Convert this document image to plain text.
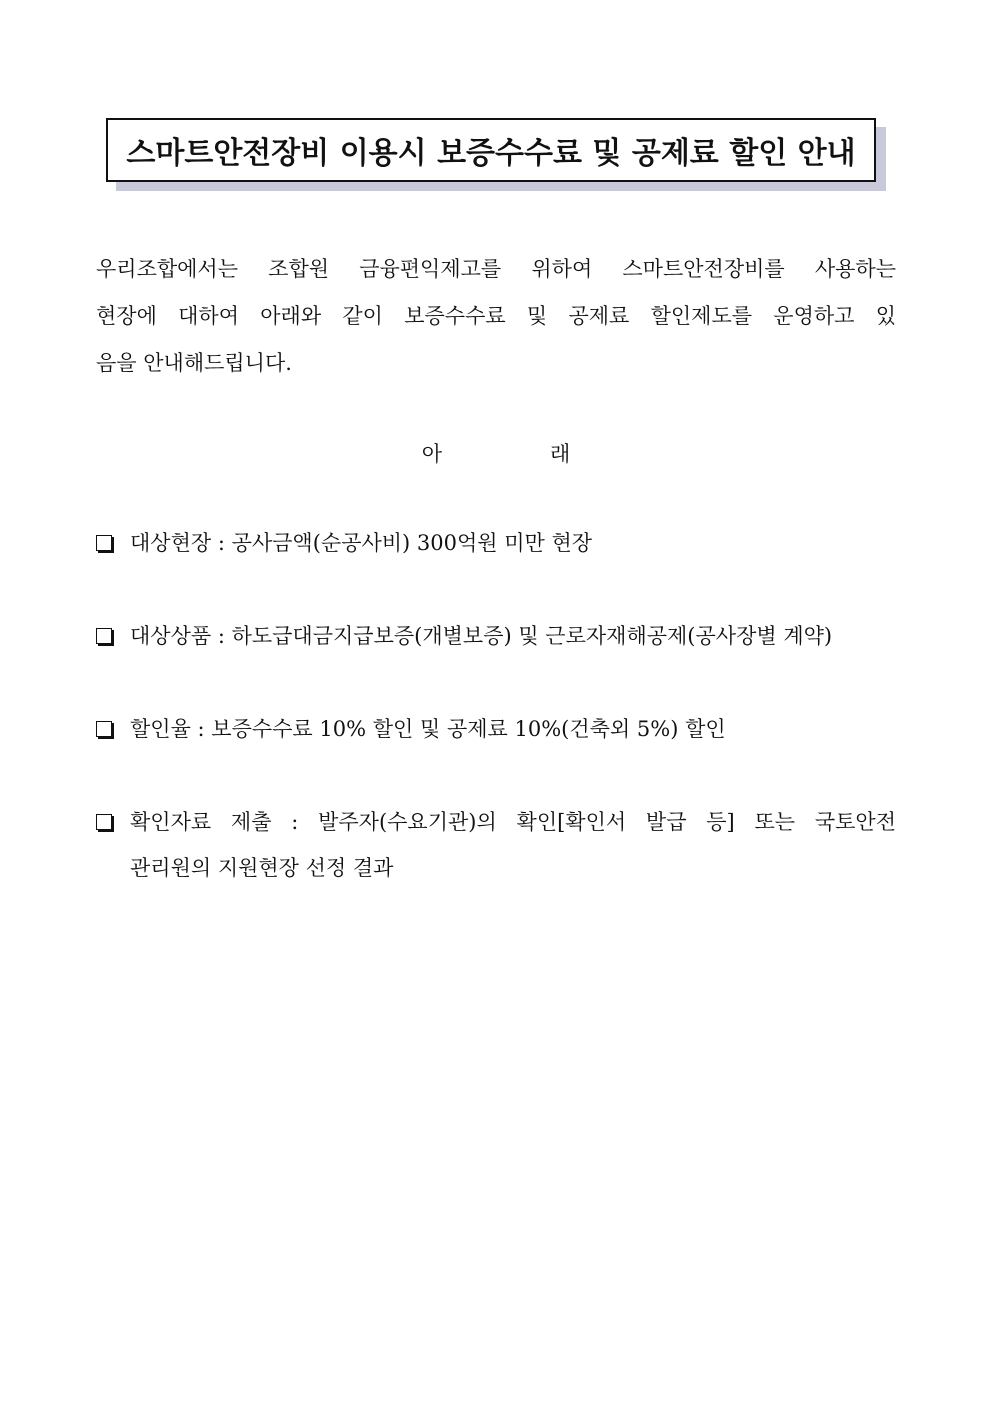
스마트안전장비 이용시 보증수수료 및 공제료 할인 안내
우리조합에서는 조합원 금융편익제고를 위하여 스마트안전장비를 사용하는
현장에 대하여 아래와 같이 보증수수료 및 공제료 할인제도를 운영하고 있
음을 안내해드립니다.
아	래
대상현장 : 공사금액(순공사비) 300억원 미만 현장
대상상품 : 하도급대금지급보증(개별보증) 및 근로자재해공제(공사장별 계약)
할인율 : 보증수수료 10% 할인 및 공제료 10%(건축외 5%) 할인
확인자료 제출 : 발주자(수요기관)의 확인[확인서 발급 등] 또는 국토안전
관리원의 지원현장 선정 결과
